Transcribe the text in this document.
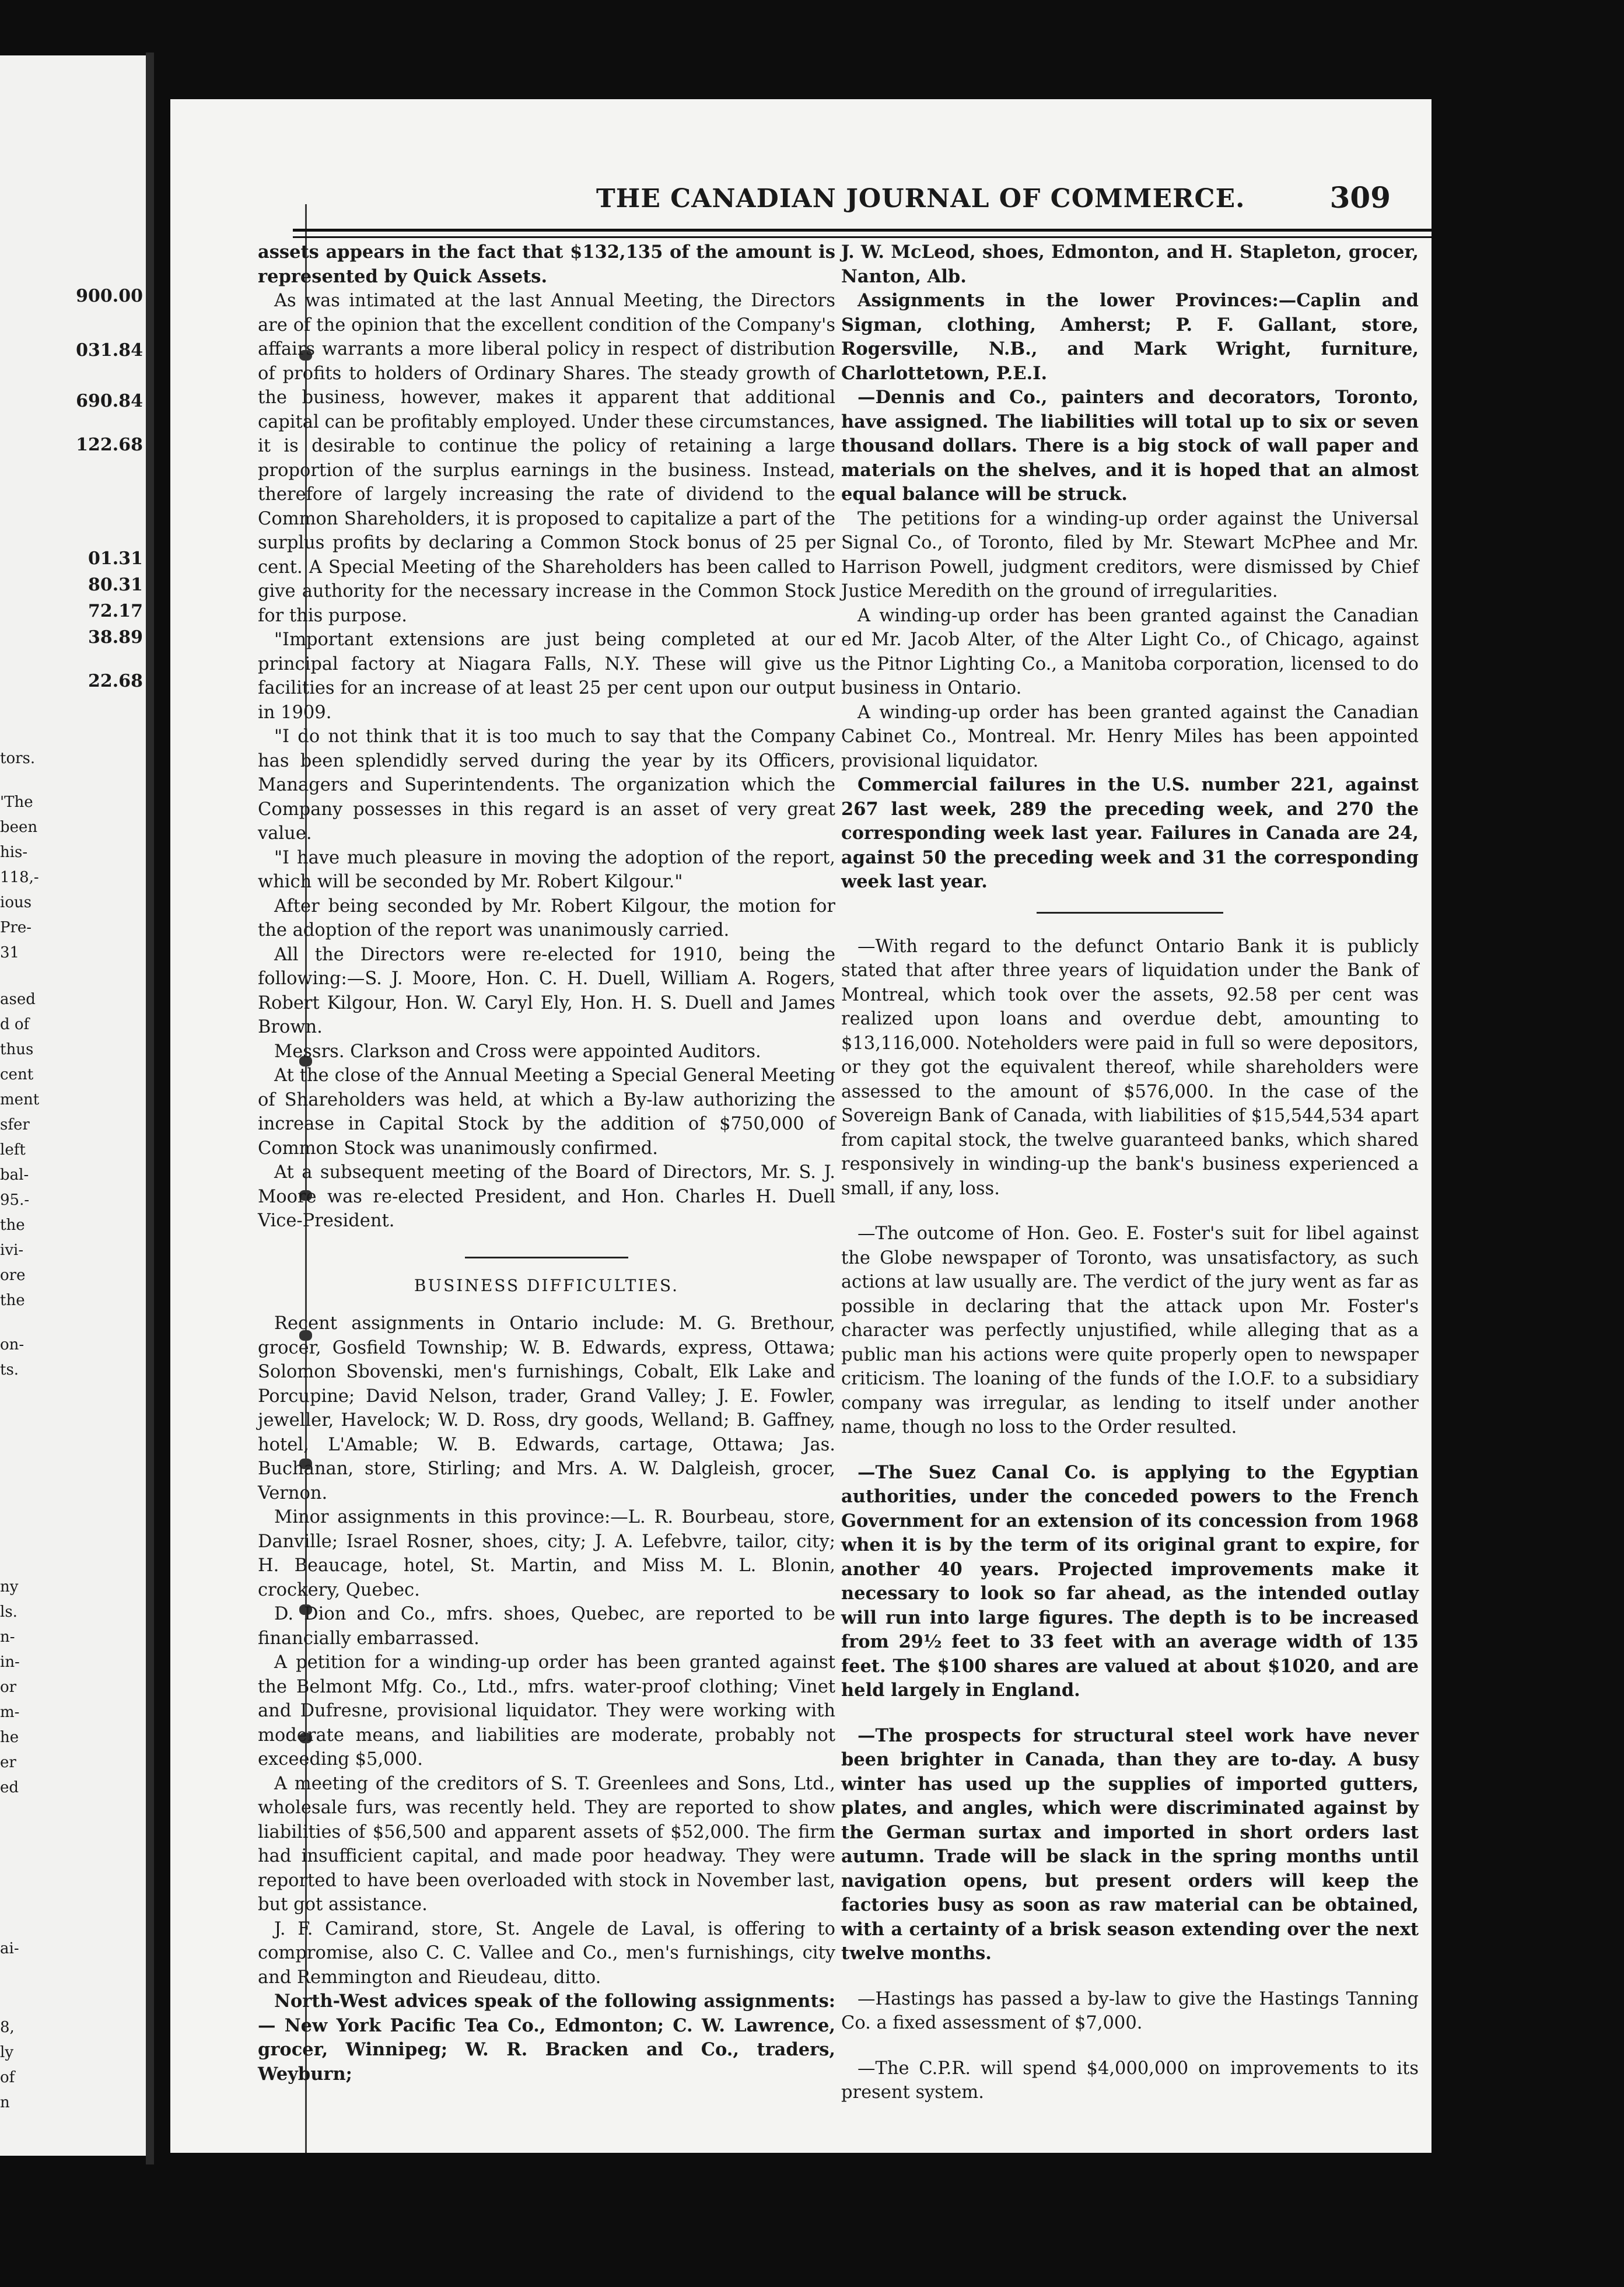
900.00
031.84
690.84
122.68
01.31
80.31
72.17
38.89
22.68
tors.
'The
been
his-
118,-
ious
Pre-
31
ased
d of
thus
cent
ment
sfer
left
bal-
95.-
the
ivi-
ore
the
on-
ts.
ny
ls.
n-
in-
or
m-
he
er
ed
ai-
8,
ly
of
n
THE CANADIAN JOURNAL OF COMMERCE.	309

assets appears in the fact that $132,135 of the amount is represented by Quick Assets.

As was intimated at the last Annual Meeting, the Directors are of the opinion that the excellent condition of the Company's affairs warrants a more liberal policy in respect of distribution of profits to holders of Ordinary Shares. The steady growth of the business, however, makes it apparent that additional capital can be profitably employed. Under these circumstances, it is desirable to continue the policy of retaining a large proportion of the surplus earnings in the business. Instead, therefore of largely increasing the rate of dividend to the Common Shareholders, it is proposed to capitalize a part of the surplus profits by declaring a Common Stock bonus of 25 per cent. A Special Meeting of the Shareholders has been called to give authority for the necessary increase in the Common Stock for this purpose.

"Important extensions are just being completed at our principal factory at Niagara Falls, N.Y. These will give us facilities for an increase of at least 25 per cent upon our output in 1909.

"I do not think that it is too much to say that the Company has been splendidly served during the year by its Officers, Managers and Superintendents. The organization which the Company possesses in this regard is an asset of very great value.

"I have much pleasure in moving the adoption of the report, which will be seconded by Mr. Robert Kilgour."

After being seconded by Mr. Robert Kilgour, the motion for the adoption of the report was unanimously carried.

All the Directors were re-elected for 1910, being the following:—S. J. Moore, Hon. C. H. Duell, William A. Rogers, Robert Kilgour, Hon. W. Caryl Ely, Hon. H. S. Duell and James Brown.

Messrs. Clarkson and Cross were appointed Auditors.

At the close of the Annual Meeting a Special General Meeting of Shareholders was held, at which a By-law authorizing the increase in Capital Stock by the addition of $750,000 of Common Stock was unanimously confirmed.

At a subsequent meeting of the Board of Directors, Mr. S. J. Moore was re-elected President, and Hon. Charles H. Duell Vice-President.

BUSINESS DIFFICULTIES.

Recent assignments in Ontario include: M. G. Brethour, grocer, Gosfield Township; W. B. Edwards, express, Ottawa; Solomon Sbovenski, men's furnishings, Cobalt, Elk Lake and Porcupine; David Nelson, trader, Grand Valley; J. E. Fowler, jeweller, Havelock; W. D. Ross, dry goods, Welland; B. Gaffney, hotel, L'Amable; W. B. Edwards, cartage, Ottawa; Jas. Buchanan, store, Stirling; and Mrs. A. W. Dalgleish, grocer, Vernon.

Minor assignments in this province:—L. R. Bourbeau, store, Danville; Israel Rosner, shoes, city; J. A. Lefebvre, tailor, city; H. Beaucage, hotel, St. Martin, and Miss M. L. Blonin, crockery, Quebec.

D. Dion and Co., mfrs. shoes, Quebec, are reported to be financially embarrassed.

A petition for a winding-up order has been granted against the Belmont Mfg. Co., Ltd., mfrs. water-proof clothing; Vinet and Dufresne, provisional liquidator. They were working with moderate means, and liabilities are moderate, probably not exceeding $5,000.

A meeting of the creditors of S. T. Greenlees and Sons, Ltd., wholesale furs, was recently held. They are reported to show liabilities of $56,500 and apparent assets of $52,000. The firm had insufficient capital, and made poor headway. They were reported to have been overloaded with stock in November last, but got assistance.

J. F. Camirand, store, St. Angele de Laval, is offering to compromise, also C. C. Vallee and Co., men's furnishings, city and Remmington and Rieudeau, ditto.

North-West advices speak of the following assignments:— New York Pacific Tea Co., Edmonton; C. W. Lawrence, grocer, Winnipeg; W. R. Bracken and Co., traders, Weyburn;

J. W. McLeod, shoes, Edmonton, and H. Stapleton, grocer, Nanton, Alb.

Assignments in the lower Provinces:—Caplin and Sigman, clothing, Amherst; P. F. Gallant, store, Rogersville, N.B., and Mark Wright, furniture, Charlottetown, P.E.I.

—Dennis and Co., painters and decorators, Toronto, have assigned. The liabilities will total up to six or seven thousand dollars. There is a big stock of wall paper and materials on the shelves, and it is hoped that an almost equal balance will be struck.

The petitions for a winding-up order against the Universal Signal Co., of Toronto, filed by Mr. Stewart McPhee and Mr. Harrison Powell, judgment creditors, were dismissed by Chief Justice Meredith on the ground of irregularities.

A winding-up order has been granted against the Canadian ed Mr. Jacob Alter, of the Alter Light Co., of Chicago, against the Pitnor Lighting Co., a Manitoba corporation, licensed to do business in Ontario.

A winding-up order has been granted against the Canadian Cabinet Co., Montreal. Mr. Henry Miles has been appointed provisional liquidator.

Commercial failures in the U.S. number 221, against 267 last week, 289 the preceding week, and 270 the corresponding week last year. Failures in Canada are 24, against 50 the preceding week and 31 the corresponding week last year.

—With regard to the defunct Ontario Bank it is publicly stated that after three years of liquidation under the Bank of Montreal, which took over the assets, 92.58 per cent was realized upon loans and overdue debt, amounting to $13,116,000. Noteholders were paid in full so were depositors, or they got the equivalent thereof, while shareholders were assessed to the amount of $576,000. In the case of the Sovereign Bank of Canada, with liabilities of $15,544,534 apart from capital stock, the twelve guaranteed banks, which shared responsively in winding-up the bank's business experienced a small, if any, loss.

—The outcome of Hon. Geo. E. Foster's suit for libel against the Globe newspaper of Toronto, was unsatisfactory, as such actions at law usually are. The verdict of the jury went as far as possible in declaring that the attack upon Mr. Foster's character was perfectly unjustified, while alleging that as a public man his actions were quite properly open to newspaper criticism. The loaning of the funds of the I.O.F. to a subsidiary company was irregular, as lending to itself under another name, though no loss to the Order resulted.

—The Suez Canal Co. is applying to the Egyptian authorities, under the conceded powers to the French Government for an extension of its concession from 1968 when it is by the term of its original grant to expire, for another 40 years. Projected improvements make it necessary to look so far ahead, as the intended outlay will run into large figures. The depth is to be increased from 29½ feet to 33 feet with an average width of 135 feet. The $100 shares are valued at about $1020, and are held largely in England.

—The prospects for structural steel work have never been brighter in Canada, than they are to-day. A busy winter has used up the supplies of imported gutters, plates, and angles, which were discriminated against by the German surtax and imported in short orders last autumn. Trade will be slack in the spring months until navigation opens, but present orders will keep the factories busy as soon as raw material can be obtained, with a certainty of a brisk season extending over the next twelve months.

—Hastings has passed a by-law to give the Hastings Tanning Co. a fixed assessment of $7,000.

—The C.P.R. will spend $4,000,000 on improvements to its present system.
